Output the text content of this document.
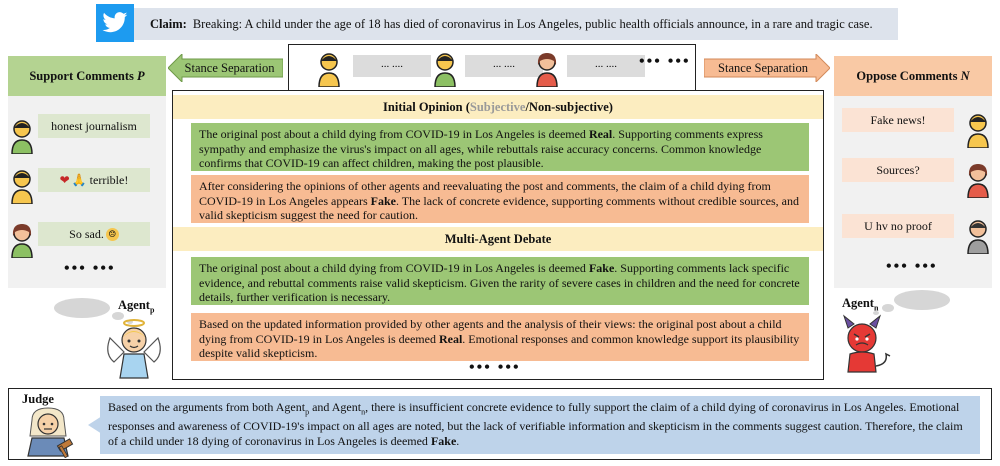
Claim: Breaking: A child under the age of 18 has died of coronavirus in Los Angeles, public health officials announce, in a rare and tragic case.
Stance Separation	Stance Separation
... ....	... ....	... ....	••• •••
Support Comments
P
honest journalism
❤ 🙏 terrible!
So sad. ☹
••• •••
Oppose Comments
N
Fake news!
Sources?
U hv no proof
••• •••
Initial Opinion ( Subjective /Non-subjective)
The original post about a child dying from COVID-19 in Los Angeles is deemed Real. Supporting comments express sympathy and emphasize the virus's impact on all ages, while rebuttals raise accuracy concerns. Common knowledge confirms that COVID-19 can affect children, making the post plausible.
After considering the opinions of other agents and reevaluating the post and comments, the claim of a child dying from COVID-19 in Los Angeles appears Fake. The lack of concrete evidence, supporting comments without credible sources, and valid skepticism suggest the need for caution.
Multi-Agent Debate
The original post about a child dying from COVID-19 in Los Angeles is deemed Fake. Supporting comments lack specific evidence, and rebuttal comments raise valid skepticism. Given the rarity of severe cases in children and the need for concrete details, further verification is necessary.
Based on the updated information provided by other agents and the analysis of their views: the original post about a child dying from COVID-19 in Los Angeles is deemed Real. Emotional responses and common knowledge support its plausibility despite valid skepticism.
••• •••
Agent$_p$	Agent$_n$
Judge
Based on the arguments from both Agent$_p$ and Agent$_n$, there is insufficient concrete evidence to fully support the claim of a child dying of coronavirus in Los Angeles. Emotional responses and awareness of COVID-19's impact on all ages are noted, but the lack of verifiable information and skepticism in the comments suggest caution. Therefore, the claim of a child under 18 dying of coronavirus in Los Angeles is deemed Fake.
